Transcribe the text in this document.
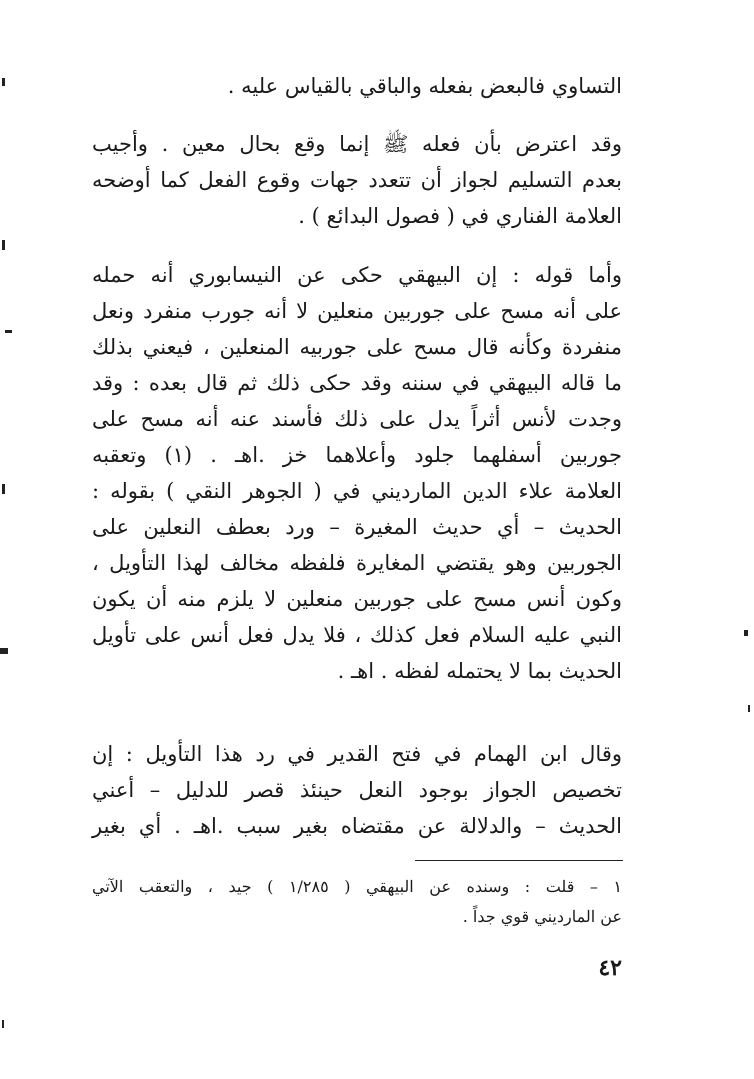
التساوي فالبعض بفعله والباقي بالقياس عليه .
وقد اعترض بأن فعله ﷺ إنما وقع بحال معين . وأجيب
بعدم التسليم لجواز أن تتعدد جهات وقوع الفعل كما أوضحه
العلامة الفناري في ( فصول البدائع ) .
وأما قوله : إن البيهقي حكى عن النيسابوري أنه حمله
على أنه مسح على جوربين منعلين لا أنه جورب منفرد ونعل
منفردة وكأنه قال مسح على جوربيه المنعلين ، فيعني بذلك
ما قاله البيهقي في سننه وقد حكى ذلك ثم قال بعده : وقد
وجدت لأنس أثراً يدل على ذلك فأسند عنه أنه مسح على
جوربين أسفلهما جلود وأعلاهما خز .اهـ . (١) وتعقبه
العلامة علاء الدين المارديني في ( الجوهر النقي ) بقوله :
الحديث – أي حديث المغيرة – ورد بعطف النعلين على
الجوربين وهو يقتضي المغايرة فلفظه مخالف لهذا التأويل ،
وكون أنس مسح على جوربين منعلين لا يلزم منه أن يكون
النبي عليه السلام فعل كذلك ، فلا يدل فعل أنس على تأويل
الحديث بما لا يحتمله لفظه . اهـ .
وقال ابن الهمام في فتح القدير في رد هذا التأويل : إن
تخصيص الجواز بوجود النعل حينئذ قصر للدليل – أعني
الحديث – والدلالة عن مقتضاه بغير سبب .اهـ . أي بغير
١ – قلت : وسنده عن البيهقي ( ١/٢٨٥ ) جيد ، والتعقب الآتي
عن المارديني قوي جداً .
٤٢
